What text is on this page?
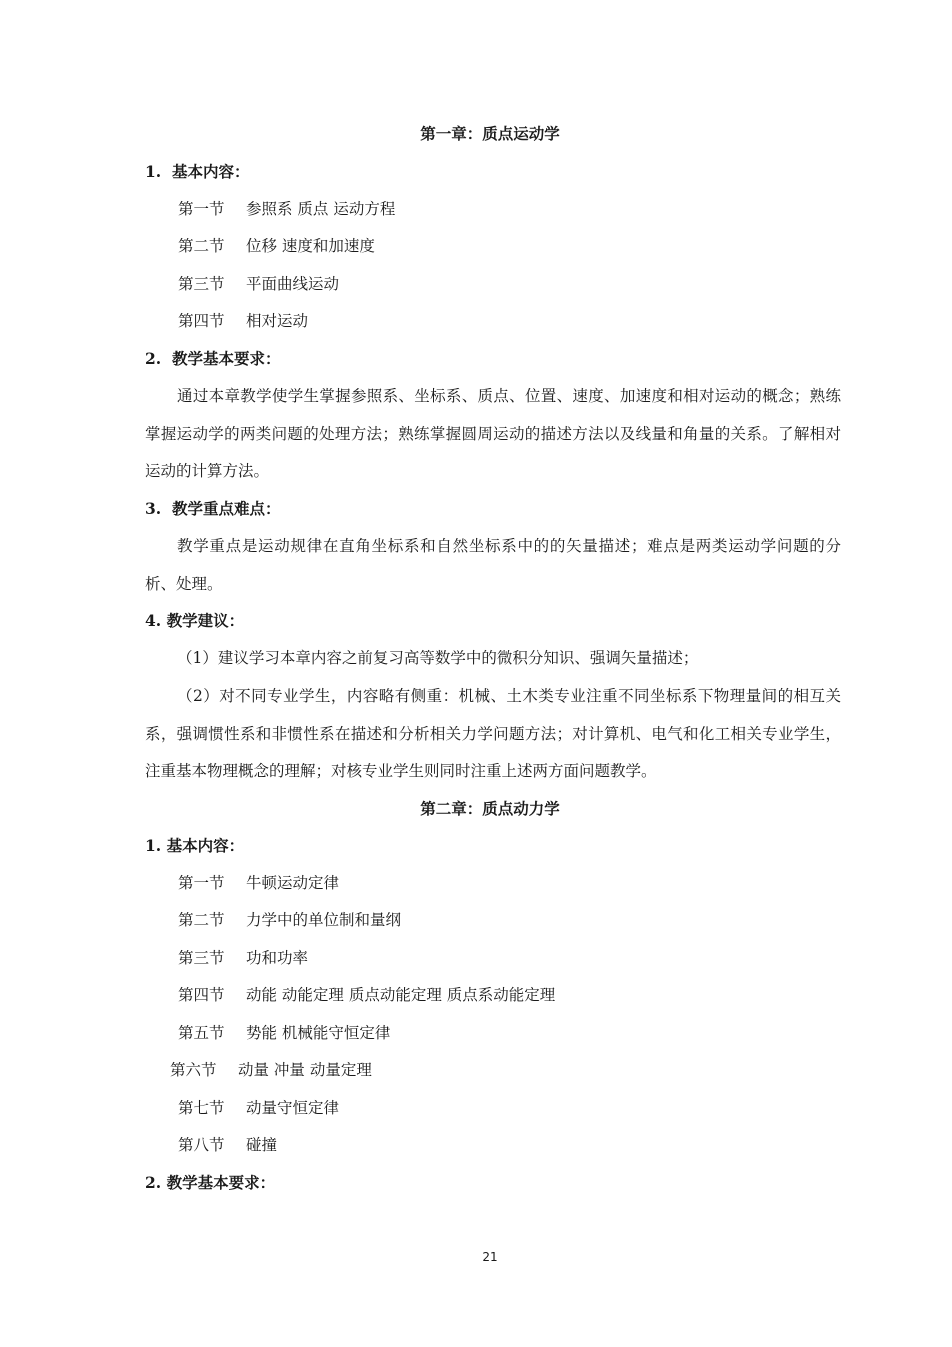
第一章：质点运动学
1. 基本内容：
第一节 参照系 质点 运动方程
第二节 位移 速度和加速度
第三节 平面曲线运动
第四节 相对运动
2. 教学基本要求：
通过本章教学使学生掌握参照系、坐标系、质点、位置、速度、加速度和相对运动的概念；熟练掌握运动学的两类问题的处理方法；熟练掌握圆周运动的描述方法以及线量和角量的关系。了解相对运动的计算方法。
3. 教学重点难点：
教学重点是运动规律在直角坐标系和自然坐标系中的的矢量描述；难点是两类运动学问题的分析、处理。
4. 教学建议：
（1）建议学习本章内容之前复习高等数学中的微积分知识、强调矢量描述；
（2）对不同专业学生，内容略有侧重：机械、土木类专业注重不同坐标系下物理量间的相互关系，强调惯性系和非惯性系在描述和分析相关力学问题方法；对计算机、电气和化工相关专业学生，注重基本物理概念的理解；对核专业学生则同时注重上述两方面问题教学。
第二章：质点动力学
1. 基本内容：
第一节 牛顿运动定律
第二节 力学中的单位制和量纲
第三节 功和功率
第四节 动能 动能定理 质点动能定理 质点系动能定理
第五节 势能 机械能守恒定律
第六节 动量 冲量 动量定理
第七节 动量守恒定律
第八节 碰撞
2. 教学基本要求：
21
